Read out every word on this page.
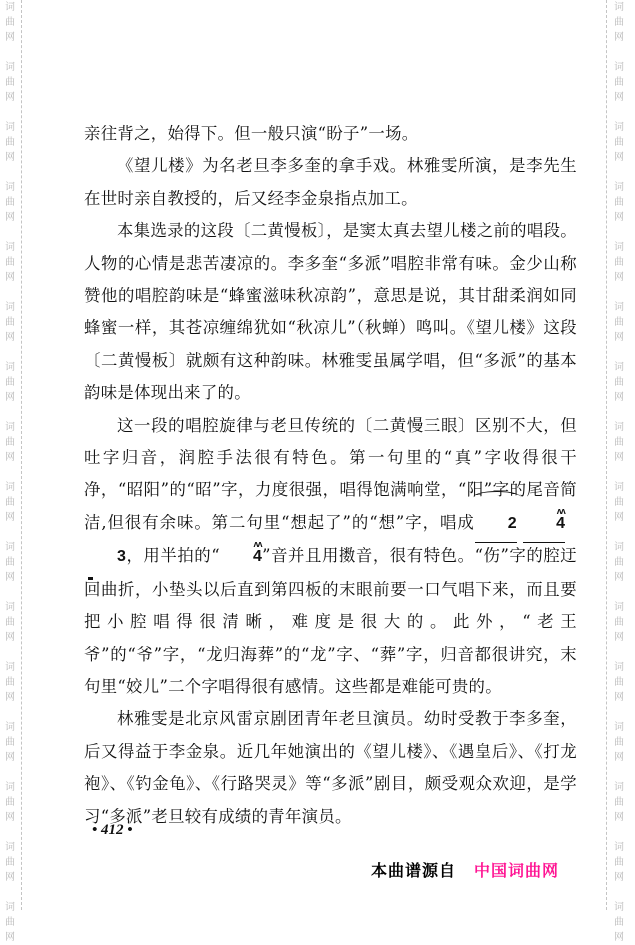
词
曲
网
词
曲
网
词
曲
网
词
曲
网
词
曲
网
词
曲
网
词
曲
网
词
曲
网
词
曲
网
词
曲
网
词
曲
网
词
曲
网
词
曲
网
词
曲
网
词
曲
网
词
曲
网
词
曲
网
词
曲
网
词
曲
网
词
曲
网
词
曲
网
词
曲
网
词
曲
网
词
曲
网
词
曲
网
词
曲
网
词
曲
网
词
曲
网
词
曲
网
词
曲
网
词
曲
网
词
曲
网

亲往背之，始得下。但一般只演“盼子”一场。

《望儿楼》为名老旦李多奎的拿手戏。林雅雯所演，是李先生在世时亲自教授的，后又经李金泉指点加工。

本集选录的这段〔二黄慢板〕，是窦太真去望儿楼之前的唱段。人物的心情是悲苦凄凉的。李多奎“多派”唱腔非常有味。金少山称赞他的唱腔韵味是“蜂蜜滋味秋凉韵”，意思是说，其甘甜柔润如同蜂蜜一样，其苍凉缠绵犹如“秋凉儿”（秋蝉）鸣叫。《望儿楼》这段〔二黄慢板〕就颇有这种韵味。林雅雯虽属学唱，但“多派”的基本韵味是体现出来了的。

这一段的唱腔旋律与老旦传统的〔二黄慢三眼〕区别不大，但吐字归音，润腔手法很有特色。第一句里的“真”字收得很干净，“昭阳”的“昭”字，力度很强，唱得饱满响堂，“阳”字的尾音简洁,但很有余味。第二句里“想起了”的“想”字，唱成 2
ʌʌ
4  3，用半拍的“
ʌʌ
4”音并且用擞音，很有特色。“伤”字的腔迂回曲折，小垫头以后直到第四板的末眼前要一口气唱下来，而且要把小腔唱得很清晰，难度是很大的。此外，“老王爷”的“爷”字，“龙归海葬”的“龙”字、“葬”字，归音都很讲究，末句里“姣儿”二个字唱得很有感情。这些都是难能可贵的。

林雅雯是北京风雷京剧团青年老旦演员。幼时受教于李多奎，后又得益于李金泉。近几年她演出的《望儿楼》、《遇皇后》、《打龙袍》、《钓金龟》、《行路哭灵》等“多派”剧目，颇受观众欢迎，是学习“多派”老旦较有成绩的青年演员。

• 412 •
本曲谱源自 中国词曲网
